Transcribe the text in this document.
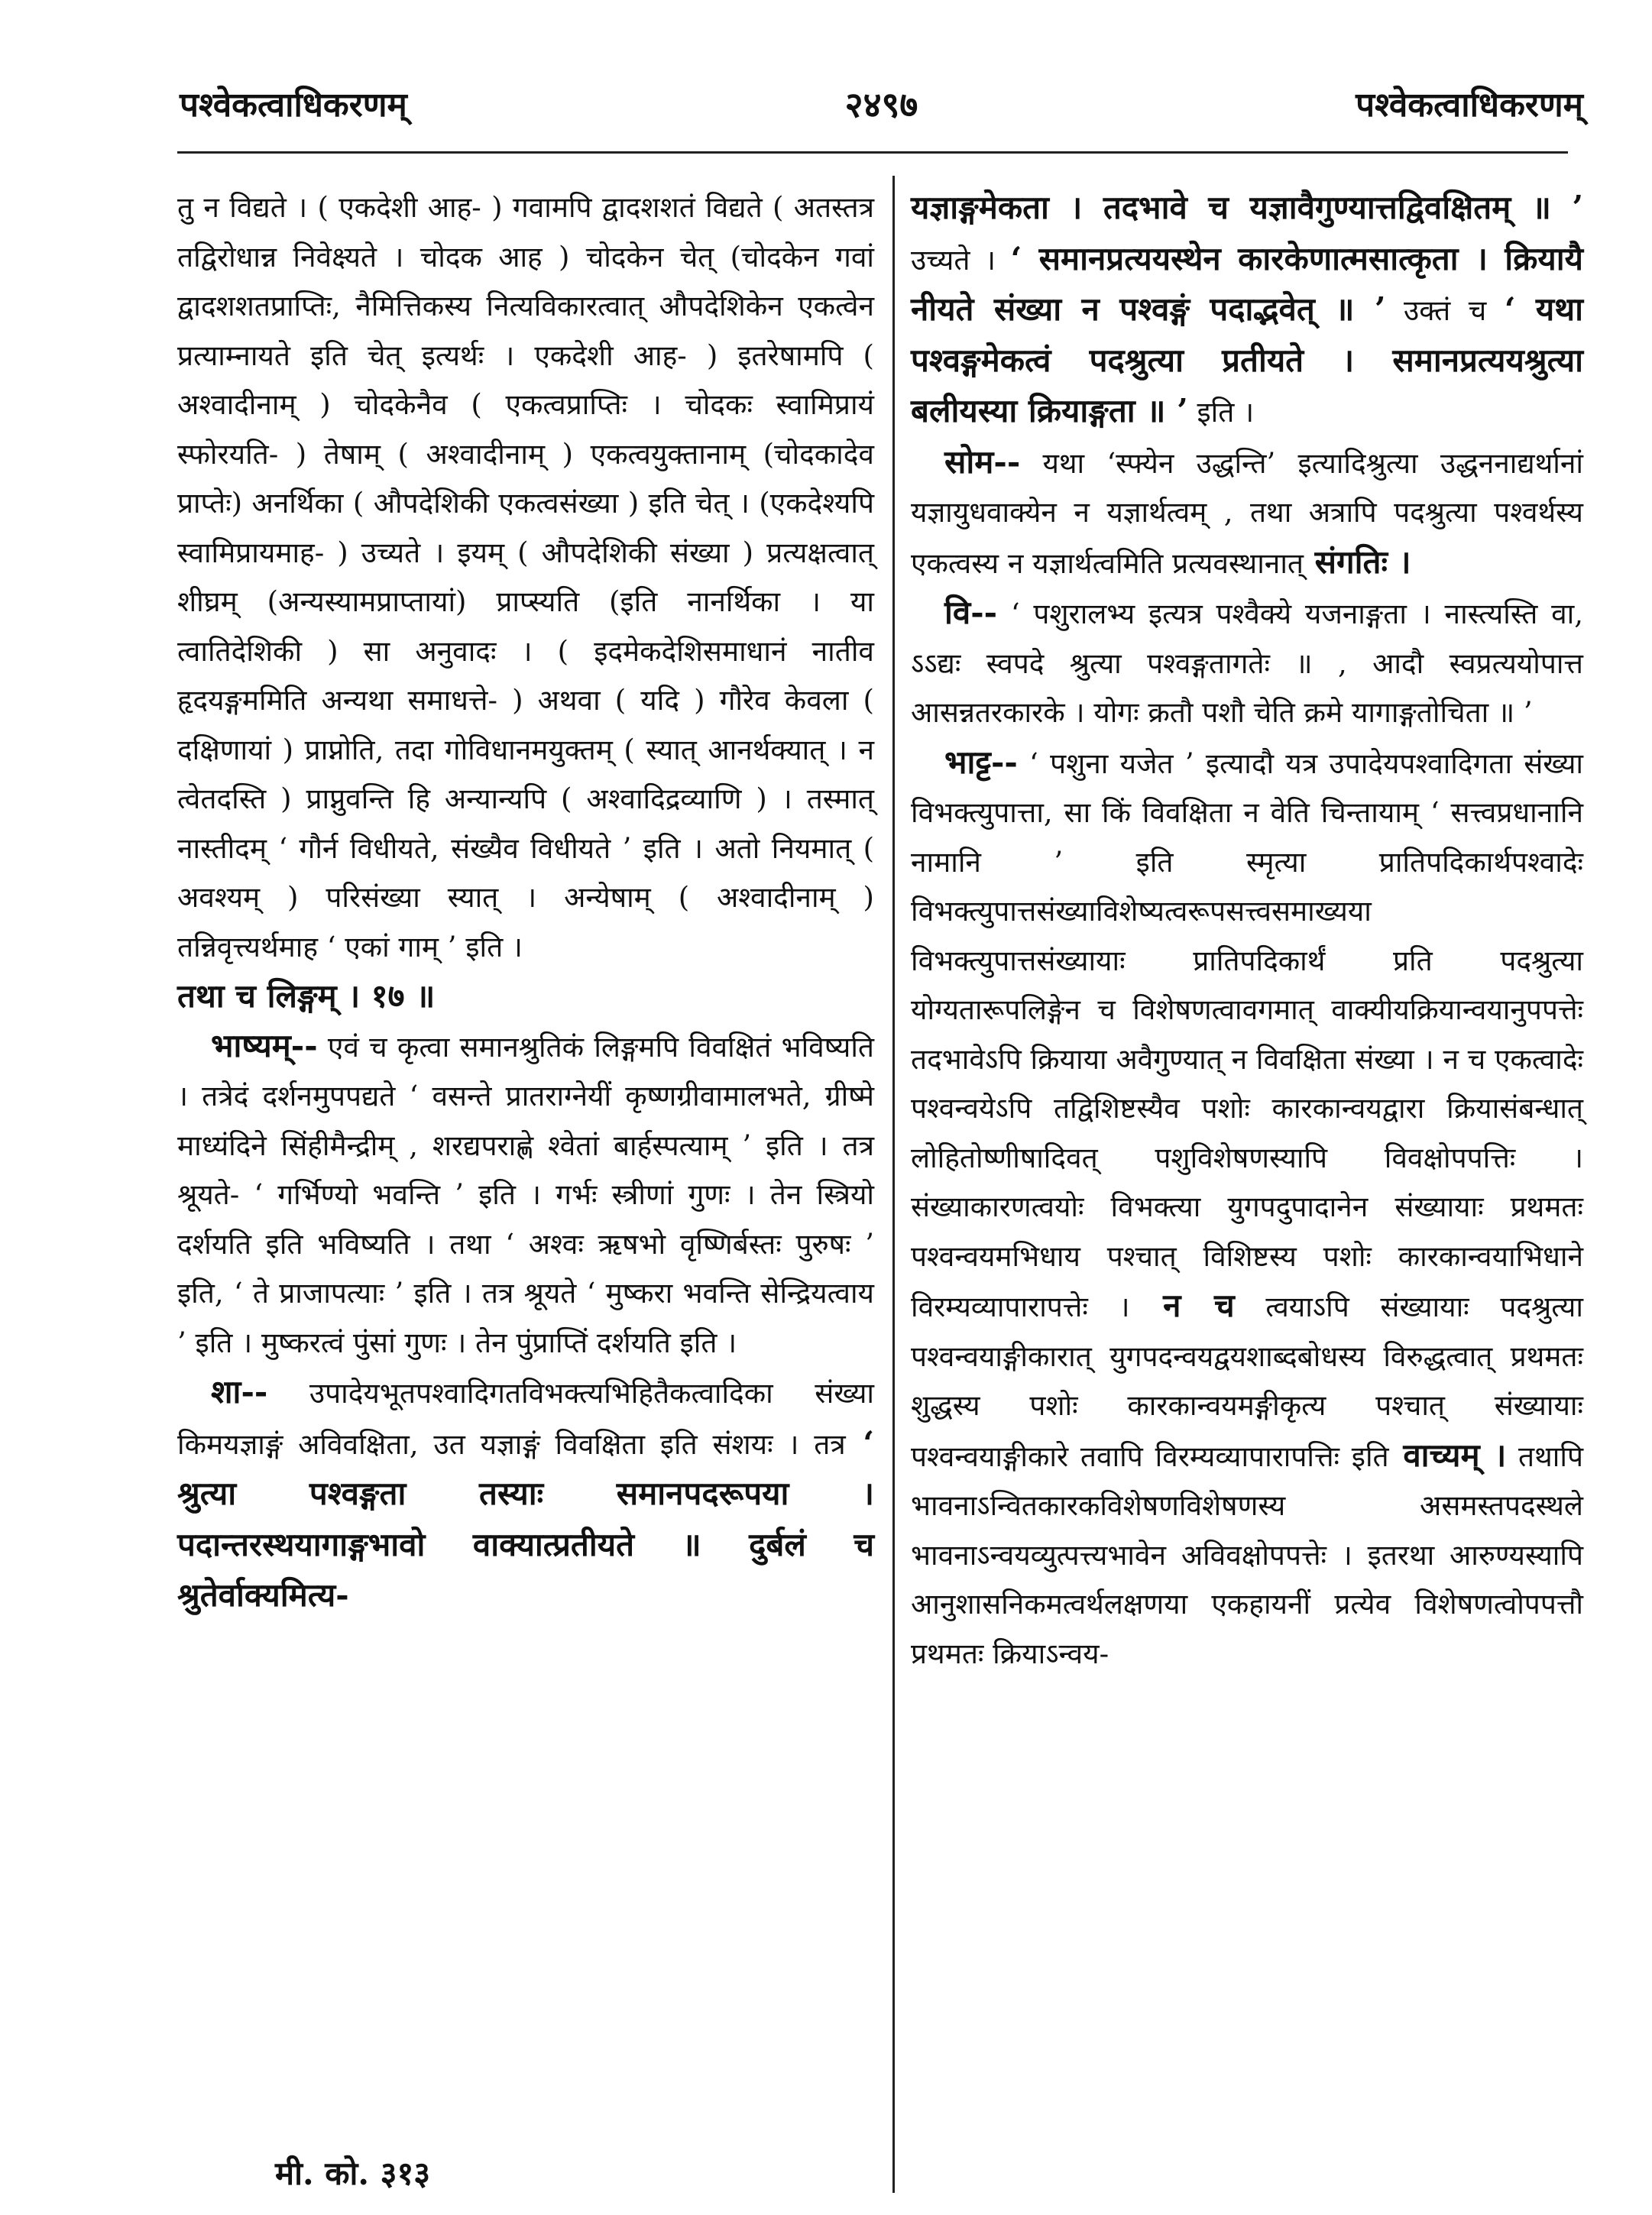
पश्वेकत्वाधिकरणम्	२४९७	पश्वेकत्वाधिकरणम्

तु न विद्यते । ( एकदेशी आह- ) गवामपि द्वादशशतं विद्यते ( अतस्तत्र तद्विरोधान्न निवेक्ष्यते । चोदक आह ) चोदकेन चेत् (चोदकेन गवां द्वादशशतप्राप्तिः, नैमित्तिकस्य नित्यविकारत्वात् औपदेशिकेन एकत्वेन प्रत्याम्नायते इति चेत् इत्यर्थः । एकदेशी आह- ) इतरेषामपि ( अश्वादीनाम् ) चोदकेनैव ( एकत्वप्राप्तिः । चोदकः स्वामिप्रायं स्फोरयति- ) तेषाम् ( अश्वादीनाम् ) एकत्वयुक्तानाम् (चोदकादेव प्राप्तेः) अनर्थिका ( औपदेशिकी एकत्वसंख्या ) इति चेत् । (एकदेश्यपि स्वामिप्रायमाह- ) उच्यते । इयम् ( औपदेशिकी संख्या ) प्रत्यक्षत्वात् शीघ्रम् (अन्यस्यामप्राप्तायां) प्राप्स्यति (इति नानर्थिका । या त्वातिदेशिकी ) सा अनुवादः । ( इदमेकदेशिसमाधानं नातीव हृदयङ्गममिति अन्यथा समाधत्ते- ) अथवा ( यदि ) गौरेव केवला ( दक्षिणायां ) प्राप्नोति, तदा गोविधानमयुक्तम् ( स्यात् आनर्थक्यात् । न त्वेतदस्ति ) प्राप्नुवन्ति हि अन्यान्यपि ( अश्वादिद्रव्याणि ) । तस्मात् नास्तीदम् ‘ गौर्न विधीयते, संख्यैव विधीयते ’ इति । अतो नियमात् ( अवश्यम् ) परिसंख्या स्यात् । अन्येषाम् ( अश्वादीनाम् ) तन्निवृत्त्यर्थमाह ‘ एकां गाम् ’ इति ।

तथा च लिङ्गम् । १७ ॥

भाष्यम्-- एवं च कृत्वा समानश्रुतिकं लिङ्गमपि विवक्षितं भविष्यति । तत्रेदं दर्शनमुपपद्यते ‘ वसन्ते प्रातराग्नेयीं कृष्णग्रीवामालभते, ग्रीष्मे माध्यंदिने सिंहीमैन्द्रीम् , शरद्यपराह्णे श्वेतां बार्हस्पत्याम् ’ इति । तत्र श्रूयते- ‘ गर्भिण्यो भवन्ति ’ इति । गर्भः स्त्रीणां गुणः । तेन स्त्रियो दर्शयति इति भविष्यति । तथा ‘ अश्वः ऋषभो वृष्णिर्बस्तः पुरुषः ’ इति, ‘ ते प्राजापत्याः ’ इति । तत्र श्रूयते ‘ मुष्करा भवन्ति सेन्द्रियत्वाय ’ इति । मुष्करत्वं पुंसां गुणः । तेन पुंप्राप्तिं दर्शयति इति ।

शा-- उपादेयभूतपश्वादिगतविभक्त्यभिहितैकत्वादिका संख्या किमयज्ञाङ्गं अविवक्षिता, उत यज्ञाङ्गं विवक्षिता इति संशयः । तत्र ‘ श्रुत्या पश्वङ्गता तस्याः समानपदरूपया । पदान्तरस्थयागाङ्गभावो वाक्यात्प्रतीयते ॥ दुर्बलं च श्रुतेर्वाक्यमित्य-

यज्ञाङ्गमेकता । तदभावे च यज्ञावैगुण्यात्तद्विवक्षितम् ॥ ’ उच्यते । ‘ समानप्रत्ययस्थेन कारकेणात्मसात्कृता । क्रियायै नीयते संख्या न पश्वङ्गं पदाद्भवेत् ॥ ’ उक्तं च ‘ यथा पश्वङ्गमेकत्वं पदश्रुत्या प्रतीयते । समानप्रत्ययश्रुत्या बलीयस्या क्रियाङ्गता ॥ ’ इति ।

सोम-- यथा ‘स्फ्येन उद्धन्ति’ इत्यादिश्रुत्या उद्धननाद्यर्थानां यज्ञायुधवाक्येन न यज्ञार्थत्वम् , तथा अत्रापि पदश्रुत्या पश्वर्थस्य एकत्वस्य न यज्ञार्थत्वमिति प्रत्यवस्थानात् संगतिः ।

वि-- ‘ पशुरालभ्य इत्यत्र पश्वैक्ये यजनाङ्गता । नास्त्यस्ति वा, ऽऽद्यः स्वपदे श्रुत्या पश्वङ्गतागतेः ॥ , आदौ स्वप्रत्ययोपात्त आसन्नतरकारके । योगः क्रतौ पशौ चेति क्रमे यागाङ्गतोचिता ॥ ’

भाट्ट-- ‘ पशुना यजेत ’ इत्यादौ यत्र उपादेयपश्वादिगता संख्या विभक्त्युपात्ता, सा किं विवक्षिता न वेति चिन्तायाम् ‘ सत्त्वप्रधानानि नामानि ’ इति स्मृत्या प्रातिपदिकार्थपश्वादेः विभक्त्युपात्तसंख्याविशेष्यत्वरूपसत्त्वसमाख्यया विभक्त्युपात्तसंख्यायाः प्रातिपदिकार्थं प्रति पदश्रुत्या योग्यतारूपलिङ्गेन च विशेषणत्वावगमात् वाक्यीयक्रियान्वयानुपपत्तेः तदभावेऽपि क्रियाया अवैगुण्यात् न विवक्षिता संख्या । न च एकत्वादेः पश्वन्वयेऽपि तद्विशिष्टस्यैव पशोः कारकान्वयद्वारा क्रियासंबन्धात् लोहितोष्णीषादिवत् पशुविशेषणस्यापि विवक्षोपपत्तिः । संख्याकारणत्वयोः विभक्त्या युगपदुपादानेन संख्यायाः प्रथमतः पश्वन्वयमभिधाय पश्चात् विशिष्टस्य पशोः कारकान्वयाभिधाने विरम्यव्यापारापत्तेः । न च त्वयाऽपि संख्यायाः पदश्रुत्या पश्वन्वयाङ्गीकारात् युगपदन्वयद्वयशाब्दबोधस्य विरुद्धत्वात् प्रथमतः शुद्धस्य पशोः कारकान्वयमङ्गीकृत्य पश्चात् संख्यायाः पश्वन्वयाङ्गीकारे तवापि विरम्यव्यापारापत्तिः इति वाच्यम् । तथापि भावनाऽन्वितकारकविशेषणविशेषणस्य असमस्तपदस्थले भावनाऽन्वयव्युत्पत्त्यभावेन अविवक्षोपपत्तेः । इतरथा आरुण्यस्यापि आनुशासनिकमत्वर्थलक्षणया एकहायनीं प्रत्येव विशेषणत्वोपपत्तौ प्रथमतः क्रियाऽन्वय-

मी. को. ३१३
